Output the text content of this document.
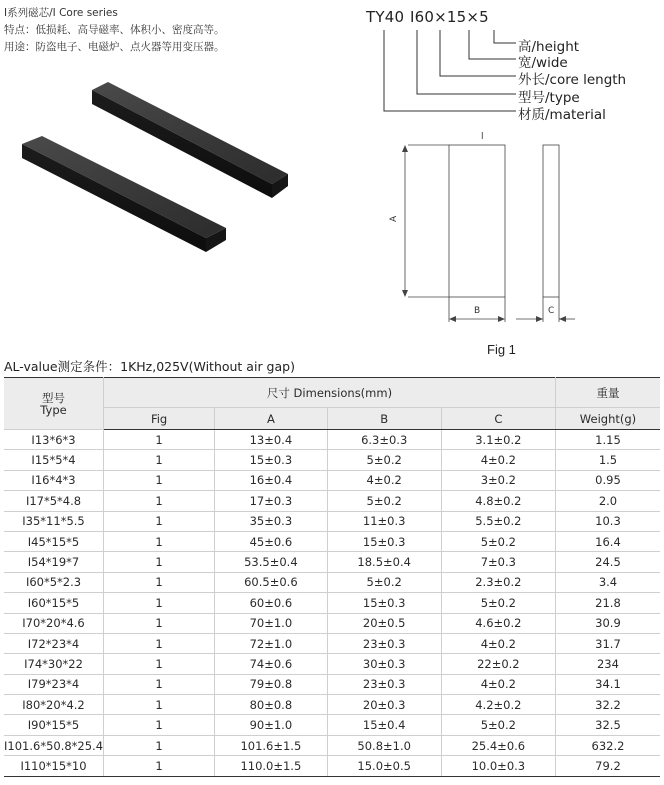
I系列磁芯/I Core series
特点：低损耗、高导磁率、体积小、密度高等。
用途：防盗电子、电磁炉、点火器等用变压器。
TY40 I60×15×5
高/height
宽/wide
外长/core length
型号/type
材质/material
l
A
B	C
Fig 1
AL-value测定条件：1KHz,025V(Without air gap)
型号
Type	尺寸 Dimensions(mm)				重量
	Fig	A	B	C	Weight(g)
I13*6*3	1	13±0.4	6.3±0.3	3.1±0.2	1.15
I15*5*4	1	15±0.3	5±0.2	4±0.2	1.5
I16*4*3	1	16±0.4	4±0.2	3±0.2	0.95
I17*5*4.8	1	17±0.3	5±0.2	4.8±0.2	2.0
I35*11*5.5	1	35±0.3	11±0.3	5.5±0.2	10.3
I45*15*5	1	45±0.6	15±0.3	5±0.2	16.4
I54*19*7	1	53.5±0.4	18.5±0.4	7±0.3	24.5
I60*5*2.3	1	60.5±0.6	5±0.2	2.3±0.2	3.4
I60*15*5	1	60±0.6	15±0.3	5±0.2	21.8
I70*20*4.6	1	70±1.0	20±0.5	4.6±0.2	30.9
I72*23*4	1	72±1.0	23±0.3	4±0.2	31.7
I74*30*22	1	74±0.6	30±0.3	22±0.2	234
I79*23*4	1	79±0.8	23±0.3	4±0.2	34.1
I80*20*4.2	1	80±0.8	20±0.3	4.2±0.2	32.2
I90*15*5	1	90±1.0	15±0.4	5±0.2	32.5
I101.6*50.8*25.4	1	101.6±1.5	50.8±1.0	25.4±0.6	632.2
I110*15*10	1	110.0±1.5	15.0±0.5	10.0±0.3	79.2
